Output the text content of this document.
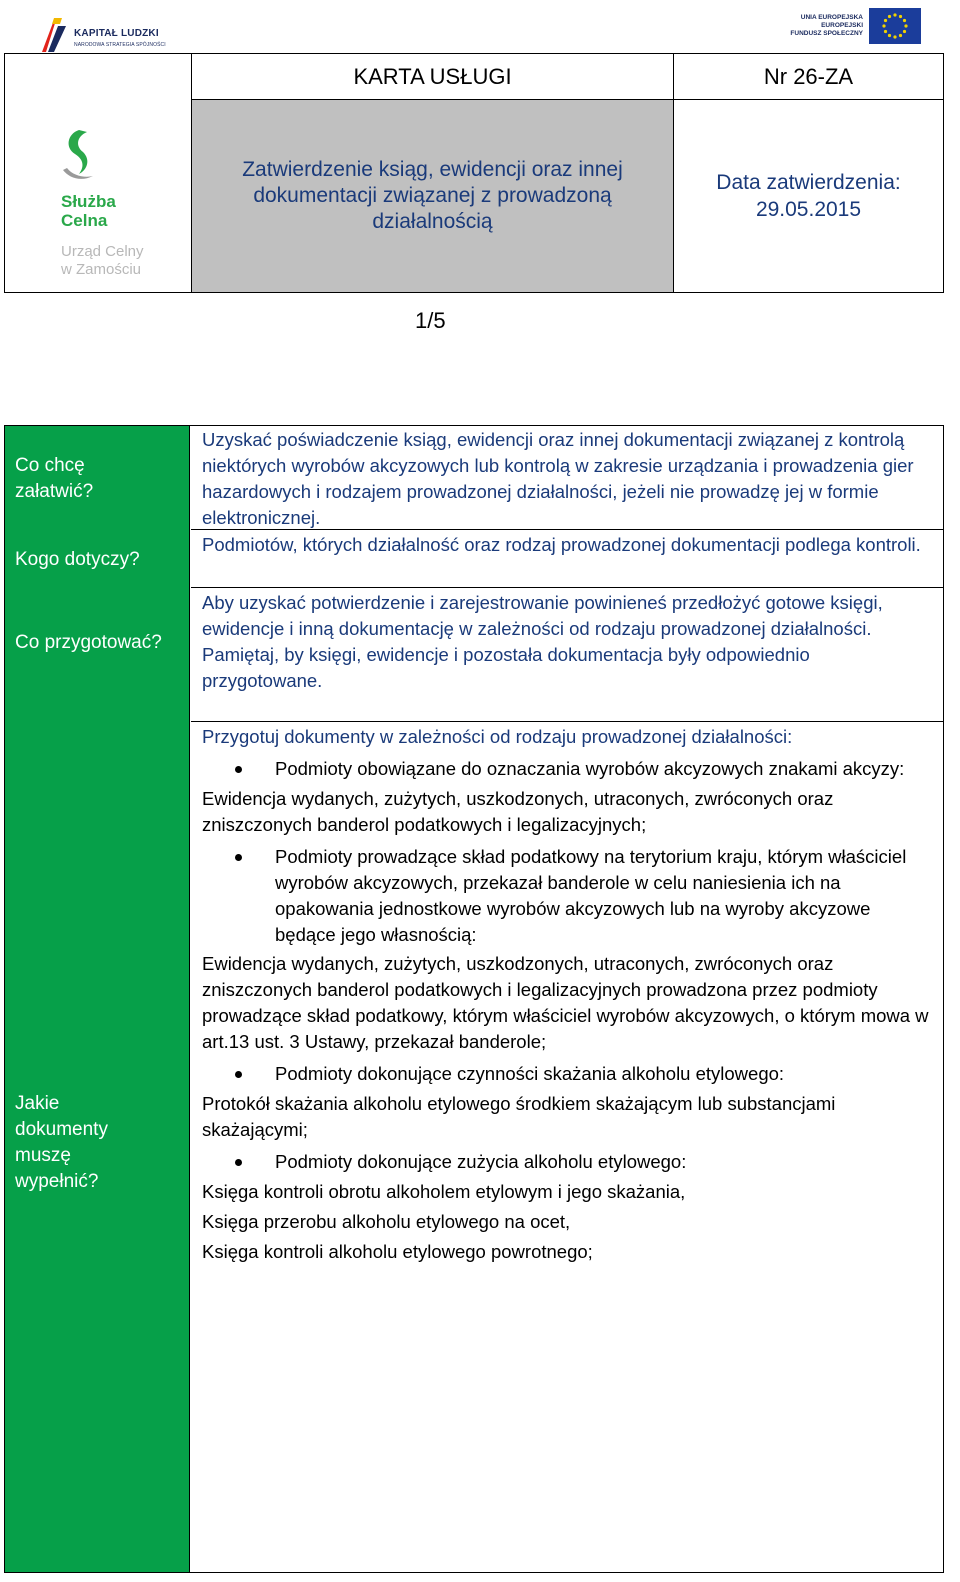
KAPITAŁ LUDZKI
NARODOWA STRATEGIA SPÓJNOŚCI
UNIA EUROPEJSKA
EUROPEJSKI
FUNDUSZ SPOŁECZNY
Służba
Celna
Urząd Celny
w Zamościu
KARTA USŁUGI	Nr 26-ZA
Zatwierdzenie ksiąg, ewidencji oraz innej dokumentacji związanej z prowadzoną działalnością
Data zatwierdzenia:
29.05.2015
1/5
Co chcę załatwić?
Kogo dotyczy?
Co przygotować?
Jakie dokumenty muszę wypełnić?
Uzyskać poświadczenie ksiąg, ewidencji oraz innej dokumentacji związanej z kontrolą niektórych wyrobów akcyzowych lub kontrolą w zakresie urządzania i prowadzenia gier hazardowych i rodzajem prowadzonej działalności, jeżeli nie prowadzę jej w formie elektronicznej.
Podmiotów, których działalność oraz rodzaj prowadzonej dokumentacji podlega kontroli.
Aby uzyskać potwierdzenie i zarejestrowanie powinieneś przedłożyć gotowe księgi, ewidencje i inną dokumentację w zależności od rodzaju prowadzonej działalności.
Pamiętaj, by księgi, ewidencje i pozostała dokumentacja były odpowiednio przygotowane.
Przygotuj dokumenty w zależności od rodzaju prowadzonej działalności:
Podmioty obowiązane do oznaczania wyrobów akcyzowych znakami akcyzy:
Ewidencja wydanych, zużytych, uszkodzonych, utraconych, zwróconych oraz zniszczonych banderol podatkowych i legalizacyjnych;
Podmioty prowadzące skład podatkowy na terytorium kraju, którym właściciel wyrobów akcyzowych, przekazał banderole w celu naniesienia ich na opakowania jednostkowe wyrobów akcyzowych lub na wyroby akcyzowe będące jego własnością:
Ewidencja wydanych, zużytych, uszkodzonych, utraconych, zwróconych oraz zniszczonych banderol podatkowych i legalizacyjnych prowadzona przez podmioty prowadzące skład podatkowy, którym właściciel wyrobów akcyzowych, o którym mowa w art.13 ust. 3 Ustawy, przekazał banderole;
Podmioty dokonujące czynności skażania alkoholu etylowego:
Protokół skażania alkoholu etylowego środkiem skażającym lub substancjami skażającymi;
Podmioty dokonujące zużycia alkoholu etylowego:
Księga kontroli obrotu alkoholem etylowym i jego skażania,
Księga przerobu alkoholu etylowego na ocet,
Księga kontroli alkoholu etylowego powrotnego;
